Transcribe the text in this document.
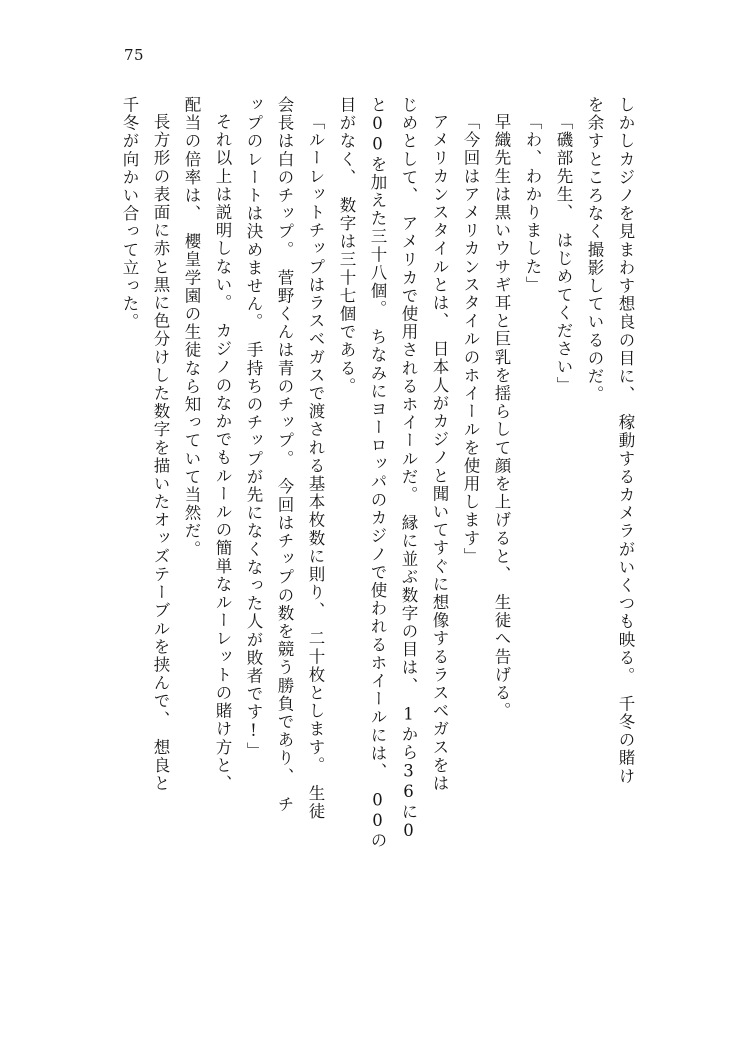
75
しかしカジノを見まわす想良の目に、　稼動するカメラがいくつも映る。　千冬の賭け
を余すところなく撮影しているのだ。
「磯部先生、　はじめてください」
「わ、わかりました」
早織先生は黒いウサギ耳と巨乳を揺らして顔を上げると、　生徒へ告げる。
「今回はアメリカンスタイルのホイールを使用します」
アメリカンスタイルとは、　日本人がカジノと聞いてすぐに想像するラスベガスをは
じめとして、　アメリカで使用されるホイールだ。　縁に並ぶ数字の目は、　1から36に0
と00を加えた三十八個。　ちなみにヨーロッパのカジノで使われるホイールには、　00の
目がなく、　数字は三十七個である。
「ルーレットチップはラスベガスで渡される基本枚数に則り、　二十枚とします。　生徒
会長は白のチップ。　菅野くんは青のチップ。　今回はチップの数を競う勝負であり、　チ
ップのレートは決めません。　手持ちのチップが先になくなった人が敗者です!」
それ以上は説明しない。　カジノのなかでもルールの簡単なルーレットの賭け方と、
配当の倍率は、　櫻皇学園の生徒なら知っていて当然だ。
長方形の表面に赤と黒に色分けした数字を描いたオッズテーブルを挟んで、　想良と
千冬が向かい合って立った。
